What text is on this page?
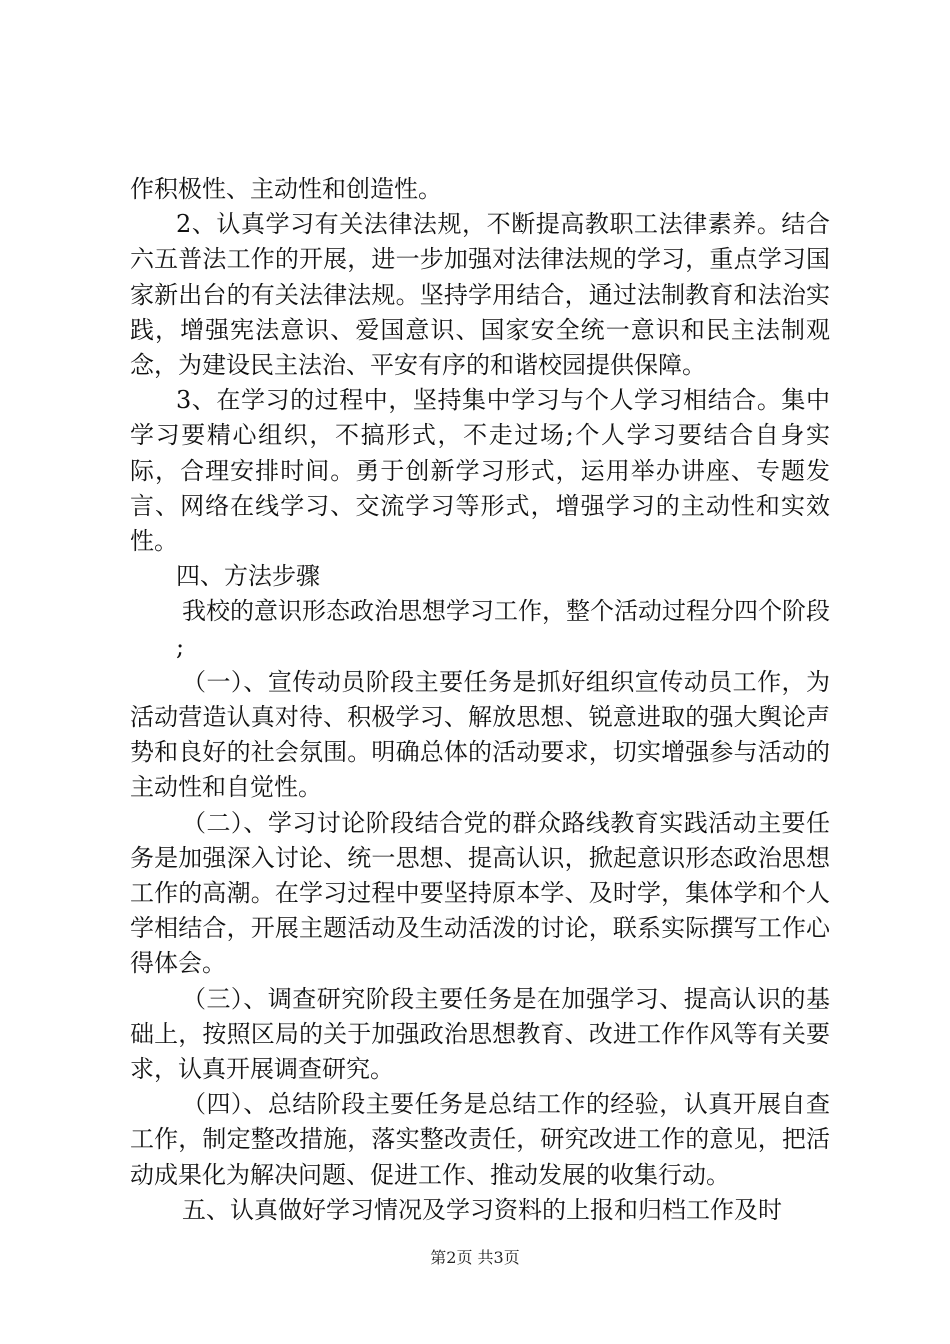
作积极性、主动性和创造性。

2、认真学习有关法律法规，不断提高教职工法律素养。结合六五普法工作的开展，进一步加强对法律法规的学习，重点学习国家新出台的有关法律法规。坚持学用结合，通过法制教育和法治实践，增强宪法意识、爱国意识、国家安全统一意识和民主法制观念，为建设民主法治、平安有序的和谐校园提供保障。

3、在学习的过程中，坚持集中学习与个人学习相结合。集中学习要精心组织，不搞形式，不走过场;个人学习要结合自身实际，合理安排时间。勇于创新学习形式，运用举办讲座、专题发言、网络在线学习、交流学习等形式，增强学习的主动性和实效性。

四、方法步骤

我校的意识形态政治思想学习工作，整个活动过程分四个阶段

;

（一）、宣传动员阶段主要任务是抓好组织宣传动员工作，为活动营造认真对待、积极学习、解放思想、锐意进取的强大舆论声势和良好的社会氛围。明确总体的活动要求，切实增强参与活动的主动性和自觉性。

（二）、学习讨论阶段结合党的群众路线教育实践活动主要任务是加强深入讨论、统一思想、提高认识，掀起意识形态政治思想工作的高潮。在学习过程中要坚持原本学、及时学，集体学和个人学相结合，开展主题活动及生动活泼的讨论，联系实际撰写工作心得体会。

（三）、调查研究阶段主要任务是在加强学习、提高认识的基础上，按照区局的关于加强政治思想教育、改进工作作风等有关要求，认真开展调查研究。

（四）、总结阶段主要任务是总结工作的经验，认真开展自查工作，制定整改措施，落实整改责任，研究改进工作的意见，把活动成果化为解决问题、促进工作、推动发展的收集行动。

五、认真做好学习情况及学习资料的上报和归档工作及时

第2页 共3页
